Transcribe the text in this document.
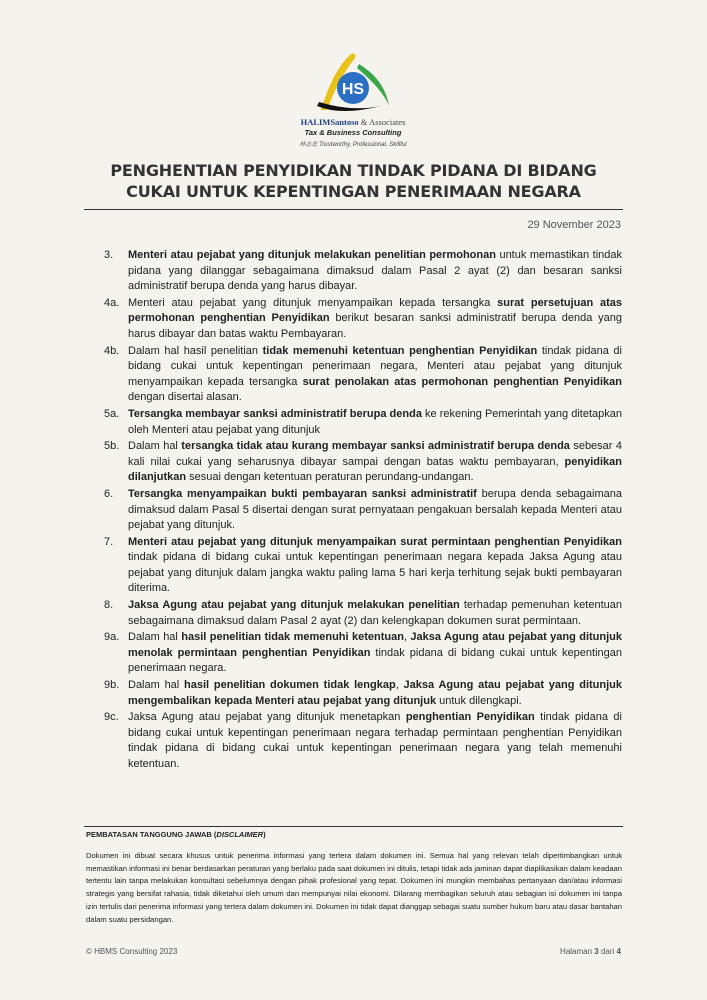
HS
HALIMSantoso & Associates
Tax & Business Consulting
林志忠 Trustworthy, Professional, Skillful
PENGHENTIAN PENYIDIKAN TINDAK PIDANA DI BIDANG CUKAI UNTUK KEPENTINGAN PENERIMAAN NEGARA
29 November 2023
3.	Menteri atau pejabat yang ditunjuk melakukan penelitian permohonan untuk memastikan tindak pidana yang dilanggar sebagaimana dimaksud dalam Pasal 2 ayat (2) dan besaran sanksi administratif berupa denda yang harus dibayar.
4a. Menteri atau pejabat yang ditunjuk menyampaikan kepada tersangka surat persetujuan atas permohonan penghentian Penyidikan berikut besaran sanksi administratif berupa denda yang harus dibayar dan batas waktu Pembayaran.
4b. Dalam hal hasil penelitian tidak memenuhi ketentuan penghentian Penyidikan tindak pidana di bidang cukai untuk kepentingan penerimaan negara, Menteri atau pejabat yang ditunjuk menyampaikan kepada tersangka surat penolakan atas permohonan penghentian Penyidikan dengan disertai alasan.
5a. Tersangka membayar sanksi administratif berupa denda ke rekening Pemerintah yang ditetapkan oleh Menteri atau pejabat yang ditunjuk
5b. Dalam hal tersangka tidak atau kurang membayar sanksi administratif berupa denda sebesar 4 kali nilai cukai yang seharusnya dibayar sampai dengan batas waktu pembayaran, penyidikan dilanjutkan sesuai dengan ketentuan peraturan perundang-undangan.
6.	Tersangka menyampaikan bukti pembayaran sanksi administratif berupa denda sebagaimana dimaksud dalam Pasal 5 disertai dengan surat pernyataan pengakuan bersalah kepada Menteri atau pejabat yang ditunjuk.
7.	Menteri atau pejabat yang ditunjuk menyampaikan surat permintaan penghentian Penyidikan tindak pidana di bidang cukai untuk kepentingan penerimaan negara kepada Jaksa Agung atau pejabat yang ditunjuk dalam jangka waktu paling lama 5 hari kerja terhitung sejak bukti pembayaran diterima.
8.	Jaksa Agung atau pejabat yang ditunjuk melakukan penelitian terhadap pemenuhan ketentuan sebagaimana dimaksud dalam Pasal 2 ayat (2) dan kelengkapan dokumen surat permintaan.
9a. Dalam hal hasil penelitian tidak memenuhi ketentuan, Jaksa Agung atau pejabat yang ditunjuk menolak permintaan penghentian Penyidikan tindak pidana di bidang cukai untuk kepentingan penerimaan negara.
9b. Dalam hal hasil penelitian dokumen tidak lengkap, Jaksa Agung atau pejabat yang ditunjuk mengembalikan kepada Menteri atau pejabat yang ditunjuk untuk dilengkapi.
9c. Jaksa Agung atau pejabat yang ditunjuk menetapkan penghentian Penyidikan tindak pidana di bidang cukai untuk kepentingan penerimaan negara terhadap permintaan penghentian Penyidikan tindak pidana di bidang cukai untuk kepentingan penerimaan negara yang telah memenuhi ketentuan.
PEMBATASAN TANGGUNG JAWAB (DISCLAIMER)
Dokumen ini dibuat secara khusus untuk penerima informasi yang tertera dalam dokumen ini. Semua hal yang relevan telah dipertimbangkan untuk memastikan informasi ini benar berdasarkan peraturan yang berlaku pada saat dokumen ini ditulis, tetapi tidak ada jaminan dapat diaplikasikan dalam keadaan tertentu lain tanpa melakukan konsultasi sebelumnya dengan pihak profesional yang tepat. Dokumen ini mungkin membahas pertanyaan dan/atau informasi strategis yang bersifat rahasia, tidak diketahui oleh umum dan mempunyai nilai ekonomi. Dilarang membagikan seluruh atau sebagian isi dokumen ini tanpa izin tertulis dari penerima informasi yang tertera dalam dokumen ini. Dokumen ini tidak dapat dianggap sebagai suatu sumber hukum baru atau dasar bantahan dalam suatu persidangan.
© HBMS Consulting 2023	Halaman 3 dari 4
